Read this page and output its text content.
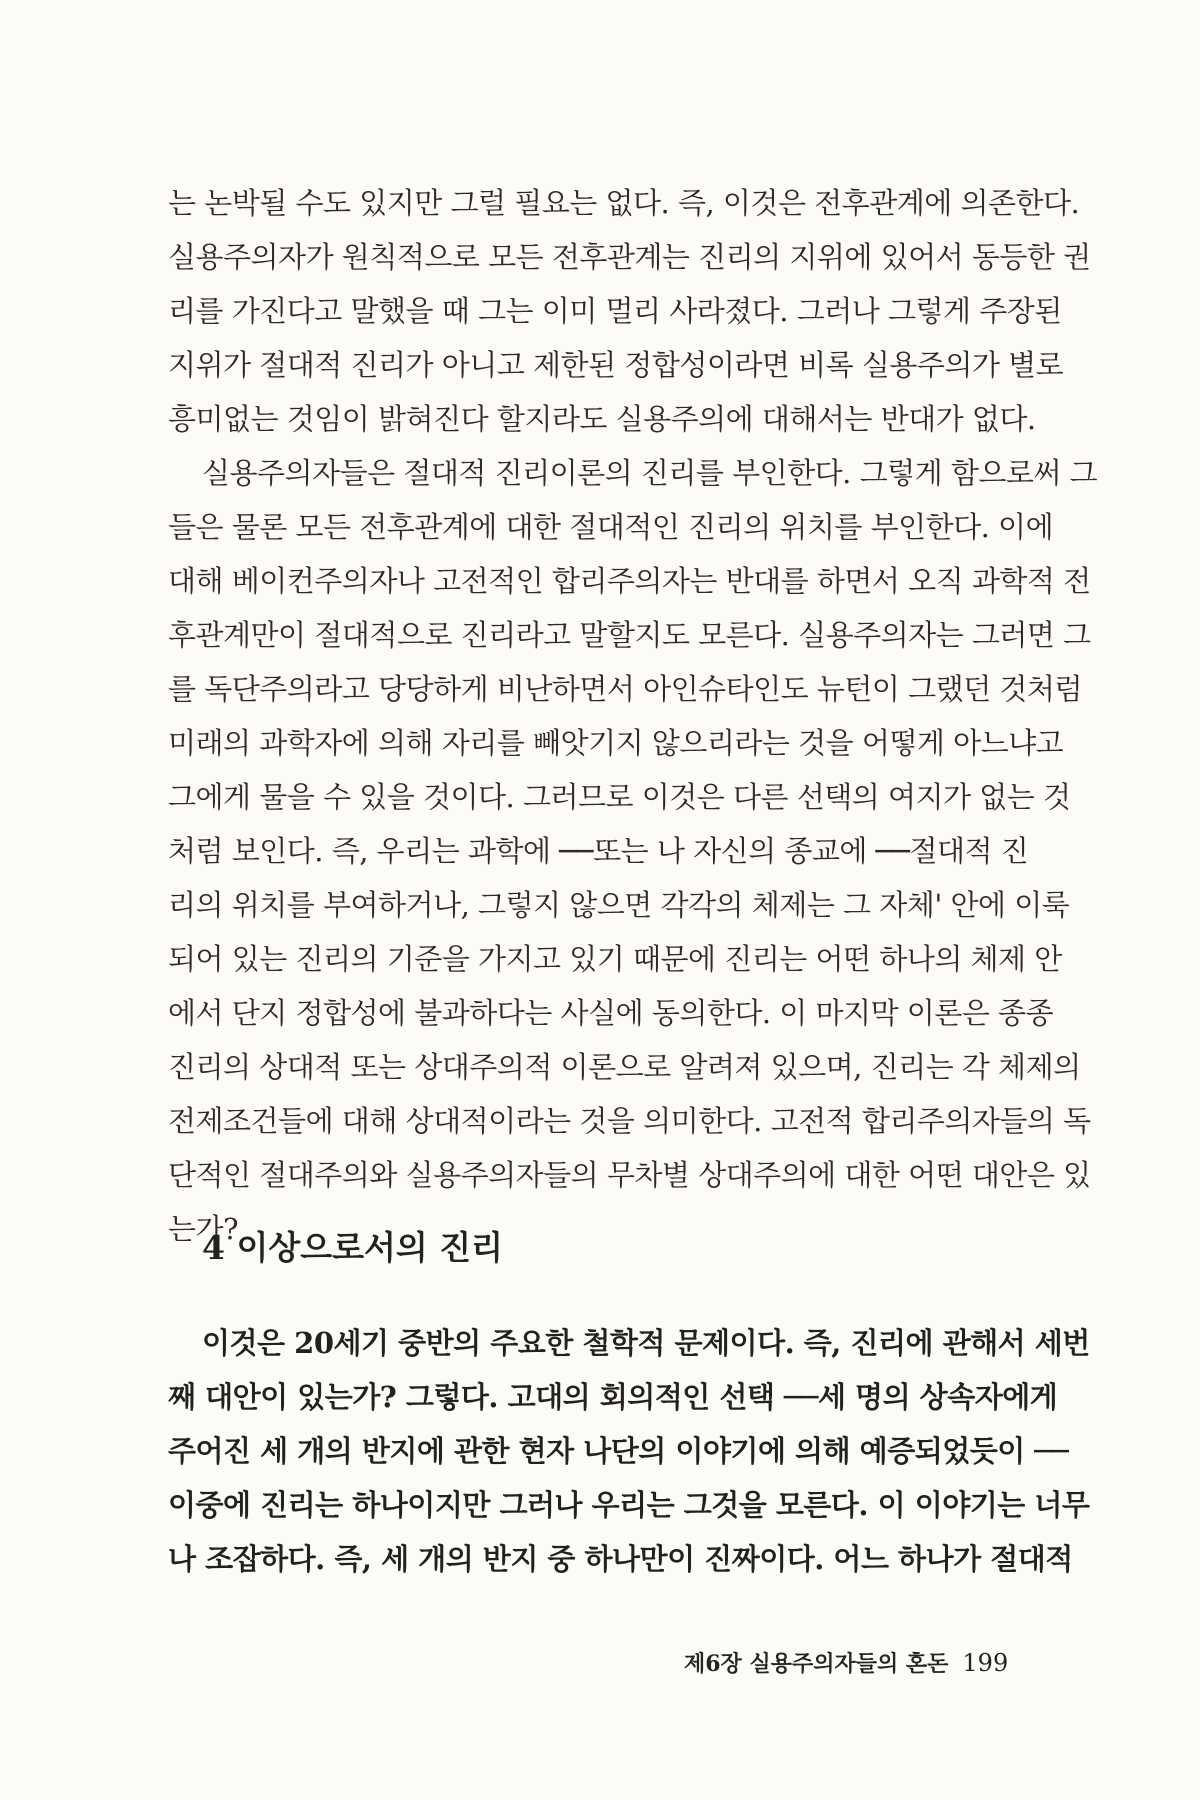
는 논박될 수도 있지만 그럴 필요는 없다. 즉, 이것은 전후관계에 의존한다.
실용주의자가 원칙적으로 모든 전후관계는 진리의 지위에 있어서 동등한 권
리를 가진다고 말했을 때 그는 이미 멀리 사라졌다. 그러나 그렇게 주장된
지위가 절대적 진리가 아니고 제한된 정합성이라면 비록 실용주의가 별로
흥미없는 것임이 밝혀진다 할지라도 실용주의에 대해서는 반대가 없다.
실용주의자들은 절대적 진리이론의 진리를 부인한다. 그렇게 함으로써 그
들은 물론 모든 전후관계에 대한 절대적인 진리의 위치를 부인한다. 이에
대해 베이컨주의자나 고전적인 합리주의자는 반대를 하면서 오직 과학적 전
후관계만이 절대적으로 진리라고 말할지도 모른다. 실용주의자는 그러면 그
를 독단주의라고 당당하게 비난하면서 아인슈타인도 뉴턴이 그랬던 것처럼
미래의 과학자에 의해 자리를 빼앗기지 않으리라는 것을 어떻게 아느냐고
그에게 물을 수 있을 것이다. 그러므로 이것은 다른 선택의 여지가 없는 것
처럼 보인다. 즉, 우리는 과학에 ──또는 나 자신의 종교에 ──절대적 진
리의 위치를 부여하거나, 그렇지 않으면 각각의 체제는 그 자체' 안에 이룩
되어 있는 진리의 기준을 가지고 있기 때문에 진리는 어떤 하나의 체제 안
에서 단지 정합성에 불과하다는 사실에 동의한다. 이 마지막 이론은 종종
진리의 상대적 또는 상대주의적 이론으로 알려져 있으며, 진리는 각 체제의
전제조건들에 대해 상대적이라는 것을 의미한다. 고전적 합리주의자들의 독
단적인 절대주의와 실용주의자들의 무차별 상대주의에 대한 어떤 대안은 있
는가?
4 이상으로서의 진리
이것은 20세기 중반의 주요한 철학적 문제이다. 즉, 진리에 관해서 세번
째 대안이 있는가? 그렇다. 고대의 회의적인 선택 ──세 명의 상속자에게
주어진 세 개의 반지에 관한 현자 나단의 이야기에 의해 예증되었듯이 ──
이중에 진리는 하나이지만 그러나 우리는 그것을 모른다. 이 이야기는 너무
나 조잡하다. 즉, 세 개의 반지 중 하나만이 진짜이다. 어느 하나가 절대적
제6장 실용주의자들의 혼돈 199
